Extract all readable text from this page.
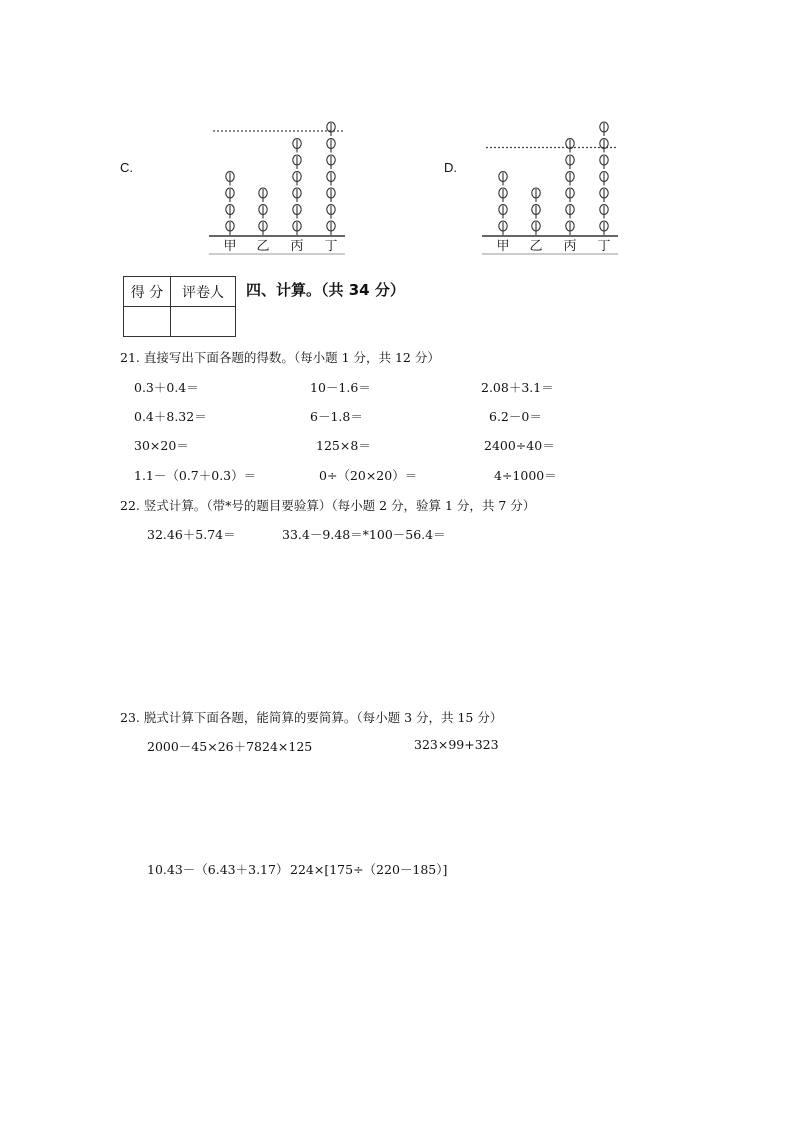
C.
甲 乙 丙 丁
D.
甲 乙 丙 丁
得 分	评卷人
	四、计算。（共 34 分）
21. 直接写出下面各题的得数。（每小题 1 分，共 12 分）
0.3＋0.4＝	10－1.6＝	2.08＋3.1＝
0.4＋8.32＝	6－1.8＝	6.2－0＝
30×20＝	125×8＝	2400÷40＝
1.1－（0.7＋0.3）＝	0÷（20×20）＝	4÷1000＝
22. 竖式计算。（带*号的题目要验算）（每小题 2 分，验算 1 分，共 7 分）
32.46＋5.74＝	33.4－9.48＝*100－56.4＝
23. 脱式计算下面各题，能简算的要简算。（每小题 3 分，共 15 分）
2000－45×26＋7824×125	323×99+323
10.43－（6.43＋3.17） 224×[175÷（220－185）]
